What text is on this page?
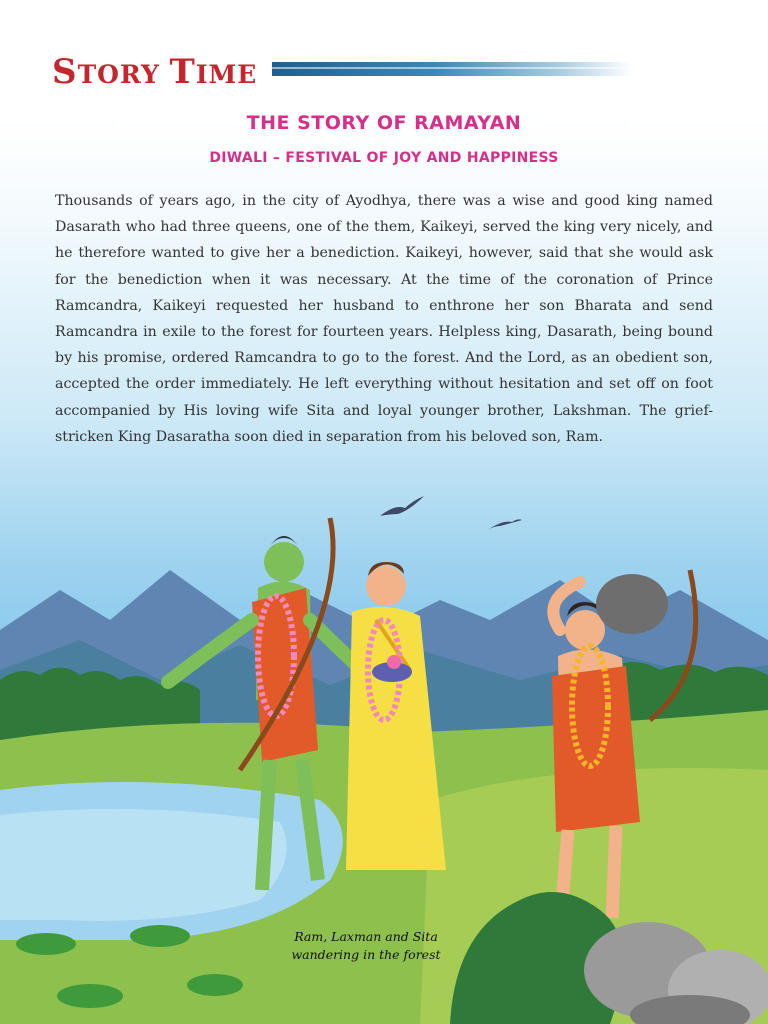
STORY TIME
THE STORY OF RAMAYAN
DIWALI – FESTIVAL OF JOY AND HAPPINESS

Thousands of years ago, in the city of Ayodhya, there was a wise and good king named Dasarath who had three queens, one of the them, Kaikeyi, served the king very nicely, and he therefore wanted to give her a benediction. Kaikeyi, however, said that she would ask for the benediction when it was necessary. At the time of the coronation of Prince Ramcandra, Kaikeyi requested her husband to enthrone her son Bharata and send Ramcandra in exile to the forest for fourteen years. Helpless king, Dasarath, being bound by his promise, ordered Ramcandra to go to the forest. And the Lord, as an obedient son, accepted the order immediately. He left everything without hesitation and set off on foot accompanied by His loving wife Sita and loyal younger brother, Lakshman. The grief-stricken King Dasaratha soon died in separation from his beloved son, Ram.

Ram, Laxman and Sita
wandering in the forest
